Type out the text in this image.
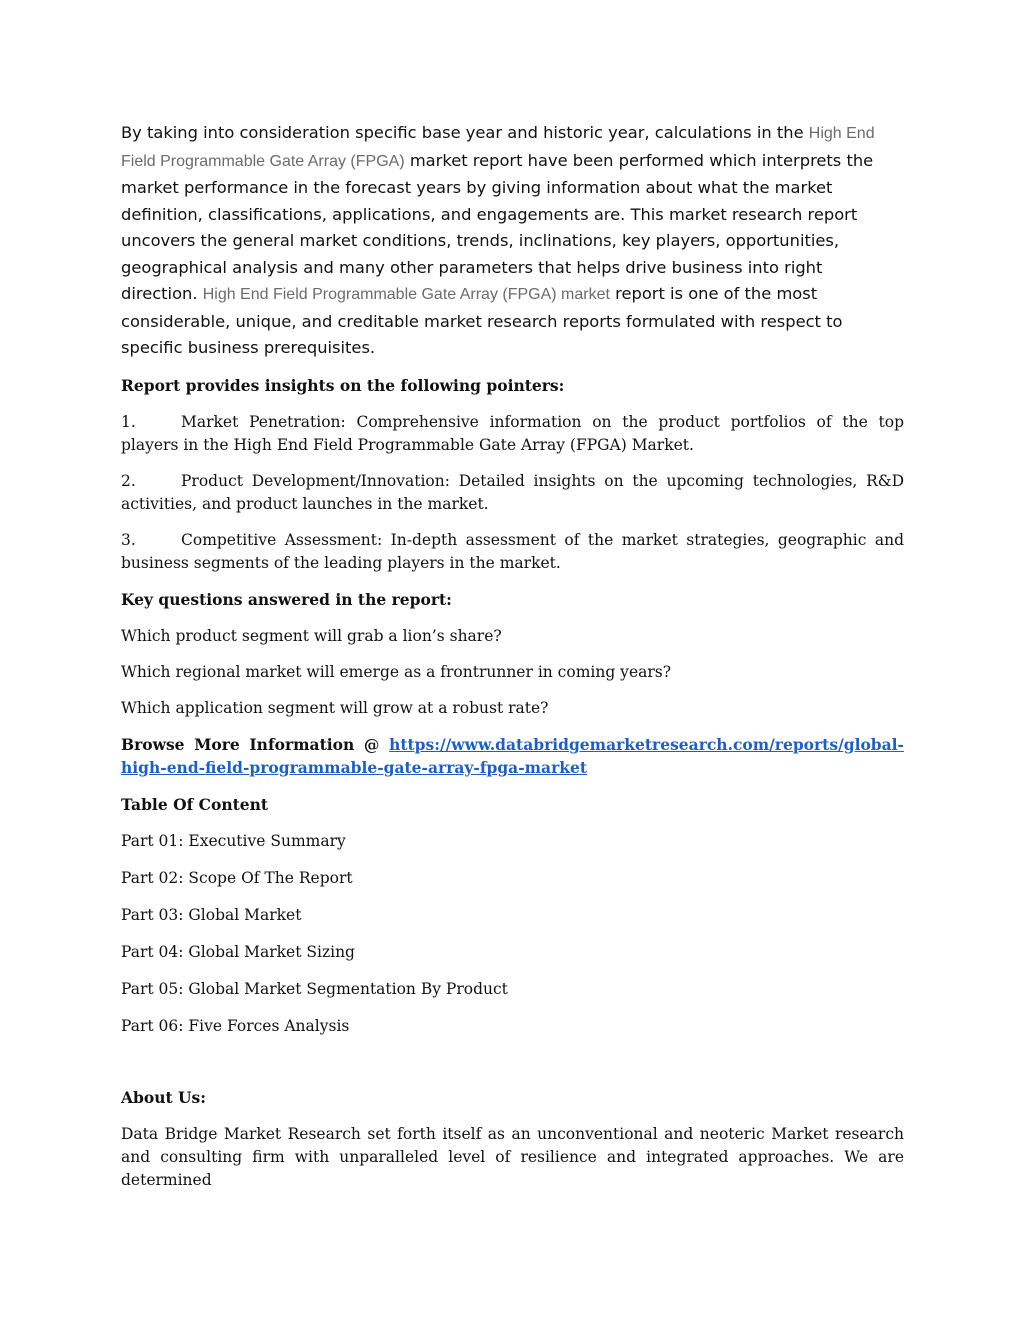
By taking into consideration specific base year and historic year, calculations in the High End Field Programmable Gate Array (FPGA) market report have been performed which interprets the market performance in the forecast years by giving information about what the market definition, classifications, applications, and engagements are. This market research report uncovers the general market conditions, trends, inclinations, key players, opportunities, geographical analysis and many other parameters that helps drive business into right direction. High End Field Programmable Gate Array (FPGA) market report is one of the most considerable, unique, and creditable market research reports formulated with respect to specific business prerequisites.

Report provides insights on the following pointers:

1.	Market Penetration: Comprehensive information on the product portfolios of the top players in the High End Field Programmable Gate Array (FPGA) Market.

2.	Product Development/Innovation: Detailed insights on the upcoming technologies, R&D activities, and product launches in the market.

3.	Competitive Assessment: In-depth assessment of the market strategies, geographic and business segments of the leading players in the market.

Key questions answered in the report:

Which product segment will grab a lion’s share?

Which regional market will emerge as a frontrunner in coming years?

Which application segment will grow at a robust rate?

Browse More Information @ https://www.databridgemarketresearch.com/reports/global-high-end-field-programmable-gate-array-fpga-market

Table Of Content

Part 01: Executive Summary

Part 02: Scope Of The Report

Part 03: Global Market

Part 04: Global Market Sizing

Part 05: Global Market Segmentation By Product

Part 06: Five Forces Analysis

About Us:

Data Bridge Market Research set forth itself as an unconventional and neoteric Market research and consulting firm with unparalleled level of resilience and integrated approaches. We are determined
